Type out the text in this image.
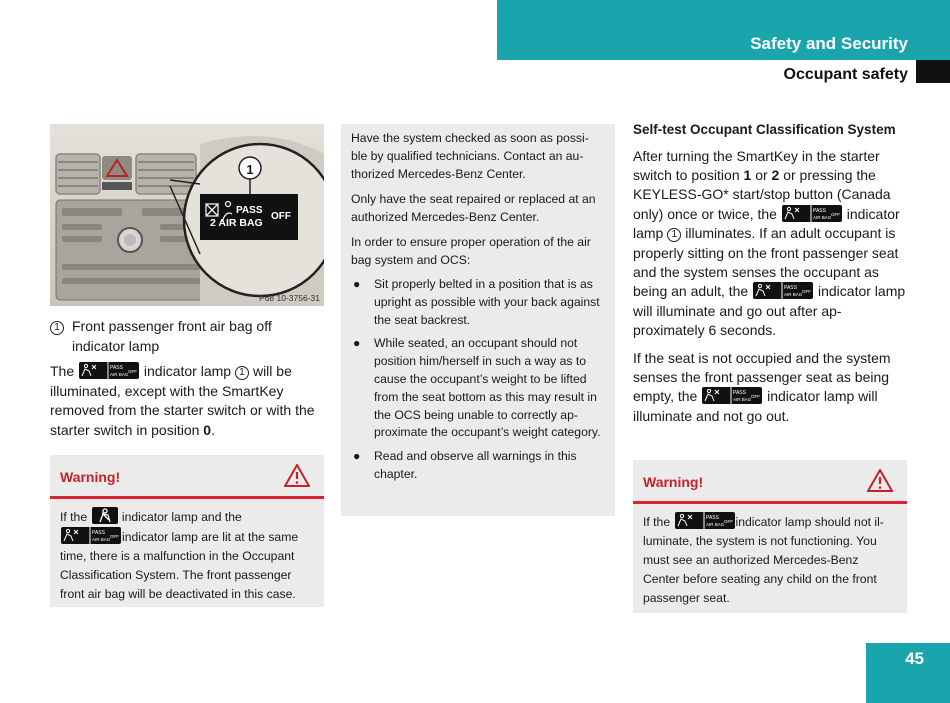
Safety and Security
Occupant safety
1
PASS
2 AIR BAG
OFF
P68 10-3756-31
1	Front passenger front air bag off indicator lamp
The	PASS
AIR BAG
OFF indicator lamp 1 will be illuminated, except with the SmartKey removed from the starter switch or with the starter switch in position 0.
Warning!
If the	indicator lamp and the

PASS
AIR BAG
OFF indicator lamp are lit at the same time, there is a malfunction in the Occupant Classification System. The front passenger front air bag will be deactivated in this case.

Have the system checked as soon as possi-ble by qualified technicians. Contact an au-thorized Mercedes-Benz Center.

Only have the seat repaired or replaced at an authorized Mercedes-Benz Center.

In order to ensure proper operation of the air bag system and OCS:

● Sit properly belted in a position that is as upright as possible with your back against the seat backrest.
● While seated, an occupant should not position him/herself in such a way as to cause the occupant’s weight to be lifted from the seat bottom as this may result in the OCS being unable to correctly ap-proximate the occupant’s weight category.
● Read and observe all warnings in this chapter.
Self-test Occupant Classification System

After turning the SmartKey in the starter switch to position 1 or 2 or pressing the KEYLESS-GO* start/stop button (Canada only) once or twice, the	PASS
AIR BAG
OFF indicator lamp 1 illuminates. If an adult occupant is properly sitting on the front passenger seat and the system senses the occupant as being an adult, the	PASS
AIR BAG
OFF indicator lamp will illuminate and go out after ap-proximately 6 seconds.

If the seat is not occupied and the system senses the front passenger seat as being empty, the	PASS
AIR BAG
OFF indicator lamp will illuminate and not go out.

Warning!
If the	PASS
AIR BAG
OFF indicator lamp should not il-luminate, the system is not functioning. You must see an authorized Mercedes-Benz Center before seating any child on the front passenger seat.
45
